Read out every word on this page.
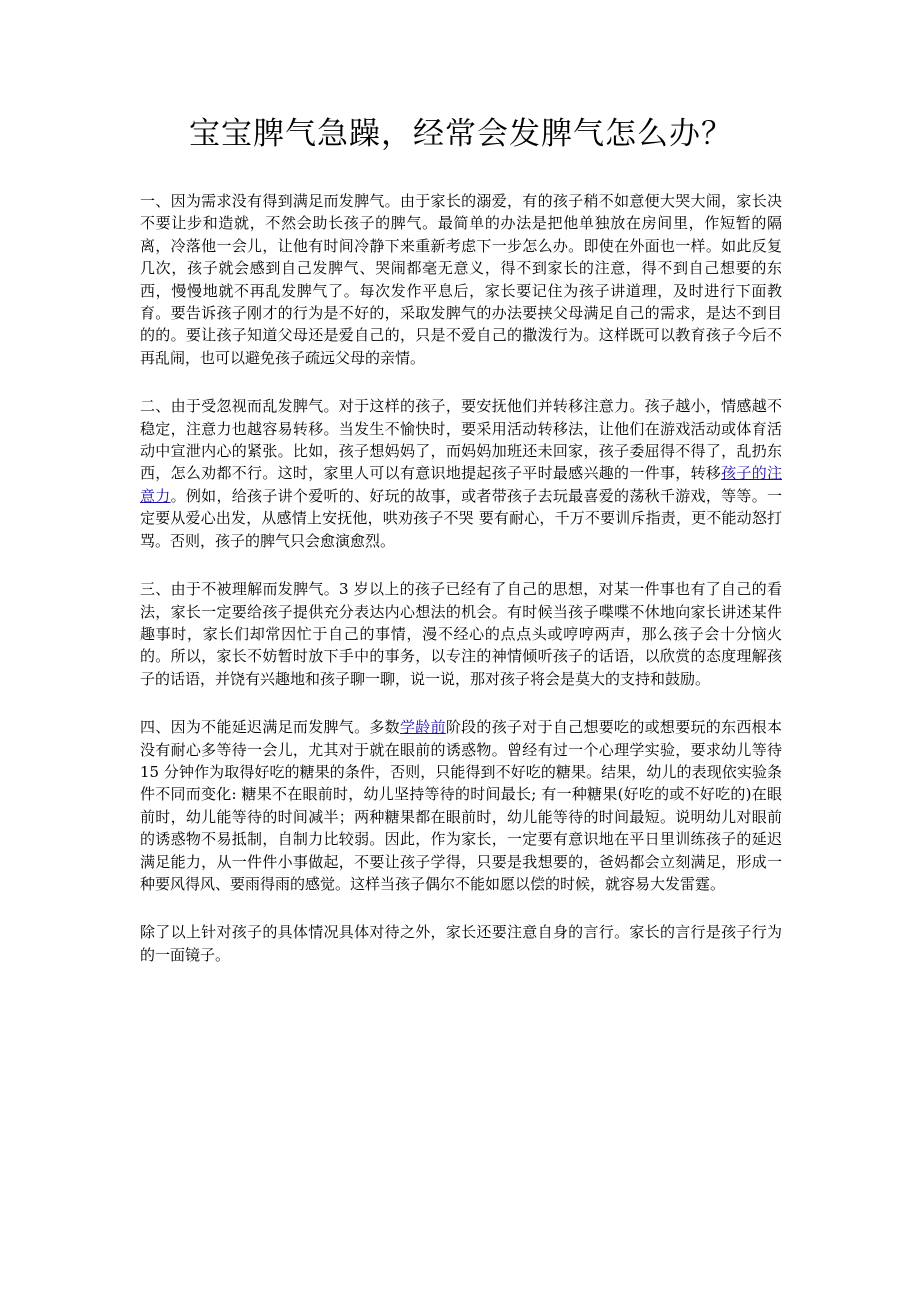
宝宝脾气急躁，经常会发脾气怎么办？

一、因为需求没有得到满足而发脾气。由于家长的溺爱，有的孩子稍不如意便大哭大闹，家长决不要让步和造就，不然会助长孩子的脾气。最简单的办法是把他单独放在房间里，作短暂的隔离，冷落他一会儿，让他有时间冷静下来重新考虑下一步怎么办。即使在外面也一样。如此反复几次，孩子就会感到自己发脾气、哭闹都毫无意义，得不到家长的注意，得不到自己想要的东西，慢慢地就不再乱发脾气了。每次发作平息后，家长要记住为孩子讲道理，及时进行下面教育。要告诉孩子刚才的行为是不好的，采取发脾气的办法要挟父母满足自己的需求，是达不到目的的。要让孩子知道父母还是爱自己的，只是不爱自己的撒泼行为。这样既可以教育孩子今后不再乱闹，也可以避免孩子疏远父母的亲情。

二、由于受忽视而乱发脾气。对于这样的孩子，要安抚他们并转移注意力。孩子越小，情感越不稳定，注意力也越容易转移。当发生不愉快时，要采用活动转移法，让他们在游戏活动或体育活动中宣泄内心的紧张。比如，孩子想妈妈了，而妈妈加班还未回家，孩子委屈得不得了，乱扔东西，怎么劝都不行。这时，家里人可以有意识地提起孩子平时最感兴趣的一件事，转移孩子的注意力。例如，给孩子讲个爱听的、好玩的故事，或者带孩子去玩最喜爱的荡秋千游戏，等等。一定要从爱心出发，从感情上安抚他，哄劝孩子不哭 要有耐心，千万不要训斥指责，更不能动怒打骂。否则，孩子的脾气只会愈演愈烈。

三、由于不被理解而发脾气。3 岁以上的孩子已经有了自己的思想，对某一件事也有了自己的看法，家长一定要给孩子提供充分表达内心想法的机会。有时候当孩子喋喋不休地向家长讲述某件趣事时，家长们却常因忙于自己的事情，漫不经心的点点头或哼哼两声，那么孩子会十分恼火的。所以，家长不妨暂时放下手中的事务，以专注的神情倾听孩子的话语，以欣赏的态度理解孩子的话语，并饶有兴趣地和孩子聊一聊，说一说，那对孩子将会是莫大的支持和鼓励。

四、因为不能延迟满足而发脾气。多数学龄前阶段的孩子对于自己想要吃的或想要玩的东西根本没有耐心多等待一会儿，尤其对于就在眼前的诱惑物。曾经有过一个心理学实验，要求幼儿等待 15 分钟作为取得好吃的糖果的条件，否则，只能得到不好吃的糖果。结果，幼儿的表现依实验条件不同而变化: 糖果不在眼前时，幼儿坚持等待的时间最长; 有一种糖果(好吃的或不好吃的)在眼前时，幼儿能等待的时间减半；两种糖果都在眼前时，幼儿能等待的时间最短。说明幼儿对眼前的诱惑物不易抵制，自制力比较弱。因此，作为家长，一定要有意识地在平日里训练孩子的延迟满足能力，从一件件小事做起，不要让孩子学得，只要是我想要的，爸妈都会立刻满足，形成一种要风得风、要雨得雨的感觉。这样当孩子偶尔不能如愿以偿的时候，就容易大发雷霆。

除了以上针对孩子的具体情况具体对待之外，家长还要注意自身的言行。家长的言行是孩子行为的一面镜子。
